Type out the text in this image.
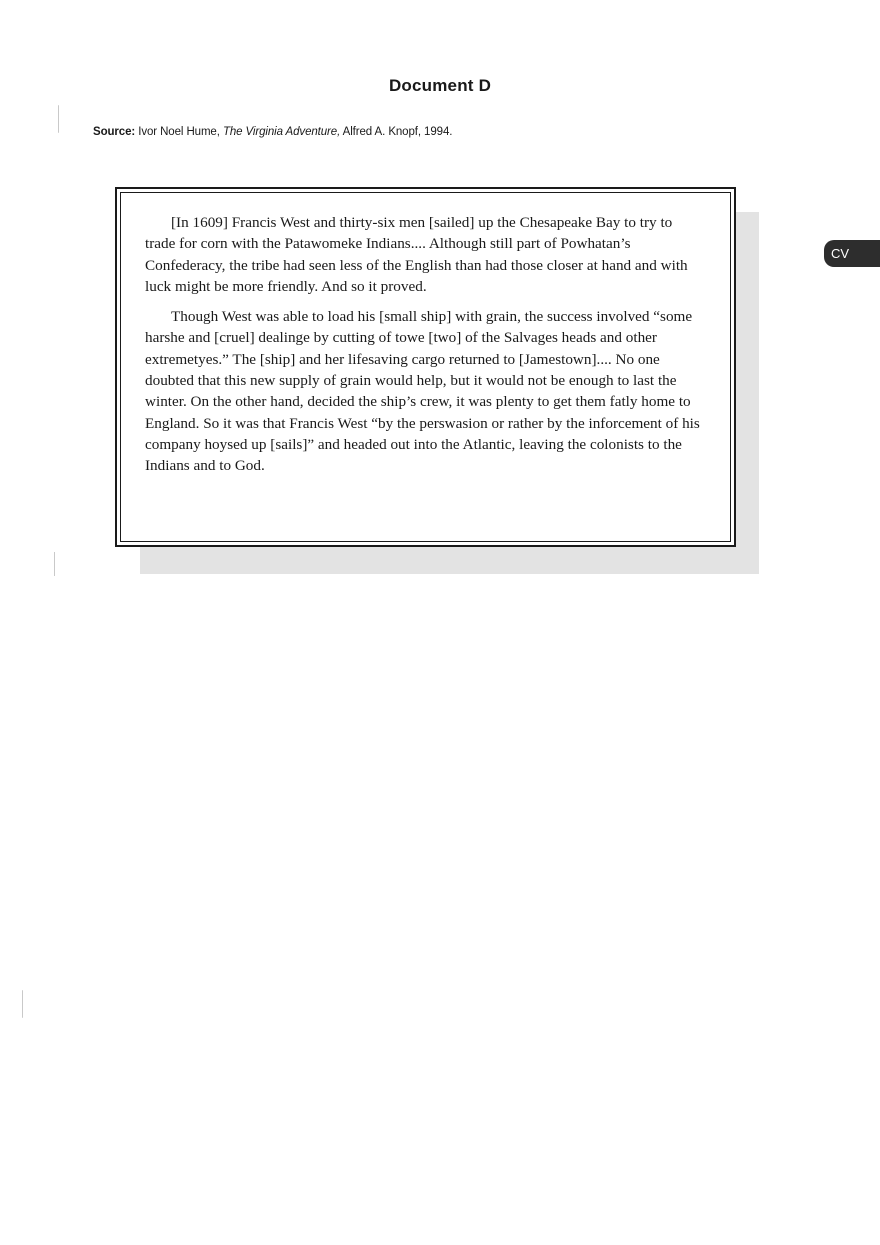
Document D
Source: Ivor Noel Hume, The Virginia Adventure, Alfred A. Knopf, 1994.

[In 1609] Francis West and thirty-six men [sailed] up the Chesapeake Bay to try to trade for corn with the Patawomeke Indians.... Although still part of Powhatan’s Confederacy, the tribe had seen less of the English than had those closer at hand and with luck might be more friendly. And so it proved.

Though West was able to load his [small ship] with grain, the success involved “some harshe and [cruel] dealinge by cutting of towe [two] of the Salvages heads and other extremetyes.” The [ship] and her lifesaving cargo returned to [Jamestown].... No one doubted that this new supply of grain would help, but it would not be enough to last the winter. On the other hand, decided the ship’s crew, it was plenty to get them fatly home to England. So it was that Francis West “by the perswasion or rather by the inforcement of his company hoysed up [sails]” and headed out into the Atlantic, leaving the colonists to the Indians and to God.

CV
